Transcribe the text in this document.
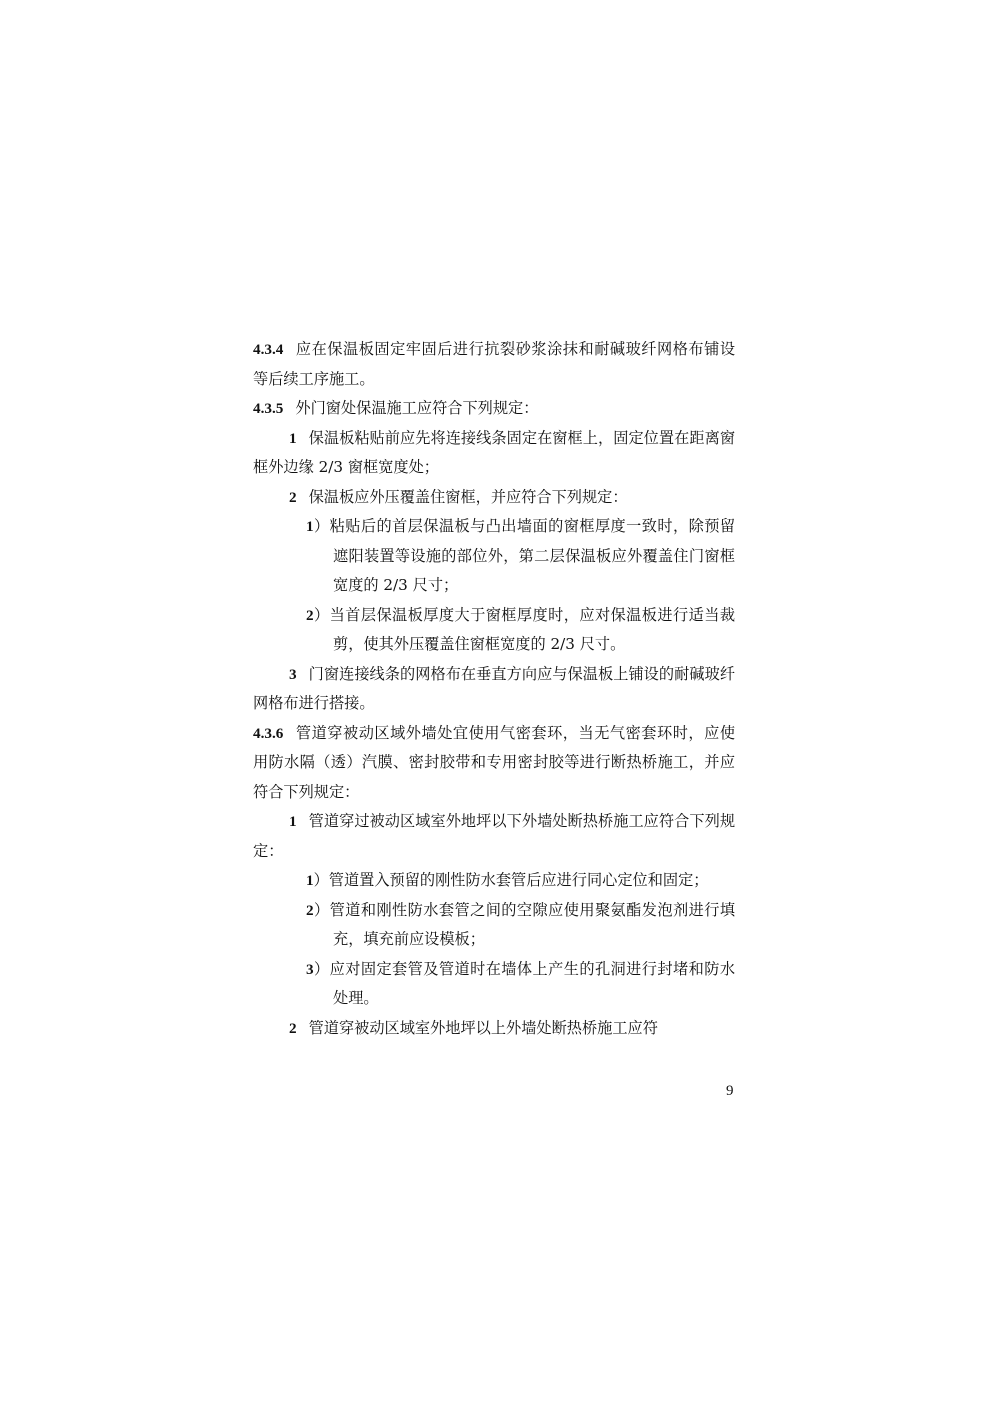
4.3.4 应在保温板固定牢固后进行抗裂砂浆涂抹和耐碱玻纤网格布铺设等后续工序施工。

4.3.5 外门窗处保温施工应符合下列规定：

1 保温板粘贴前应先将连接线条固定在窗框上，固定位置在距离窗框外边缘 2/3 窗框宽度处；

2 保温板应外压覆盖住窗框，并应符合下列规定：

1）粘贴后的首层保温板与凸出墙面的窗框厚度一致时，除预留遮阳装置等设施的部位外，第二层保温板应外覆盖住门窗框宽度的 2/3 尺寸；

2）当首层保温板厚度大于窗框厚度时，应对保温板进行适当裁剪，使其外压覆盖住窗框宽度的 2/3 尺寸。

3 门窗连接线条的网格布在垂直方向应与保温板上铺设的耐碱玻纤网格布进行搭接。

4.3.6 管道穿被动区域外墙处宜使用气密套环，当无气密套环时，应使用防水隔（透）汽膜、密封胶带和专用密封胶等进行断热桥施工，并应符合下列规定：

1 管道穿过被动区域室外地坪以下外墙处断热桥施工应符合下列规定：

1）管道置入预留的刚性防水套管后应进行同心定位和固定；

2）管道和刚性防水套管之间的空隙应使用聚氨酯发泡剂进行填充，填充前应设模板；

3）应对固定套管及管道时在墙体上产生的孔洞进行封堵和防水处理。

2 管道穿被动区域室外地坪以上外墙处断热桥施工应符

9
